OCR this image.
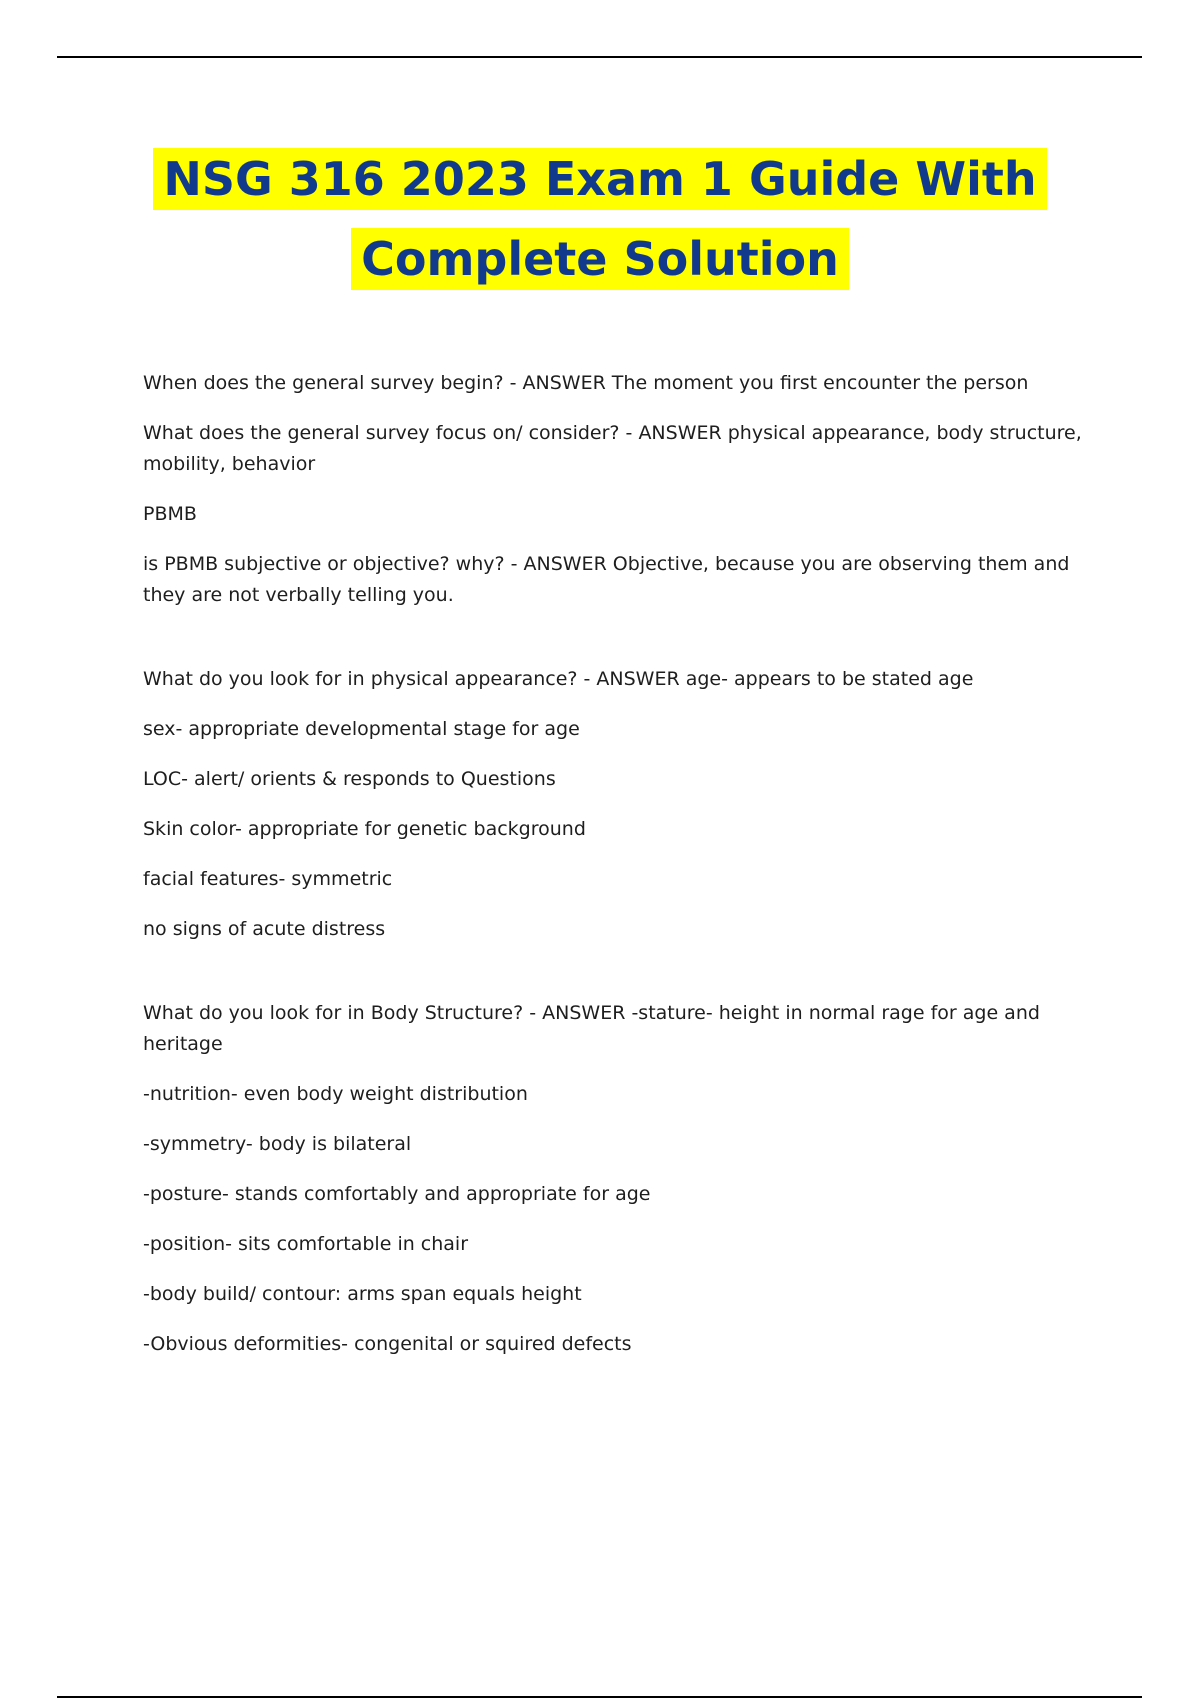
NSG 316 2023 Exam 1 Guide With
Complete Solution

When does the general survey begin? - ANSWER The moment you first encounter the person

What does the general survey focus on/ consider? - ANSWER physical appearance, body structure, mobility, behavior

PBMB

is PBMB subjective or objective? why? - ANSWER Objective, because you are observing them and they are not verbally telling you.

What do you look for in physical appearance? - ANSWER age- appears to be stated age

sex- appropriate developmental stage for age

LOC- alert/ orients & responds to Questions

Skin color- appropriate for genetic background

facial features- symmetric

no signs of acute distress

What do you look for in Body Structure? - ANSWER -stature- height in normal rage for age and heritage

-nutrition- even body weight distribution

-symmetry- body is bilateral

-posture- stands comfortably and appropriate for age

-position- sits comfortable in chair

-body build/ contour: arms span equals height

-Obvious deformities- congenital or squired defects
